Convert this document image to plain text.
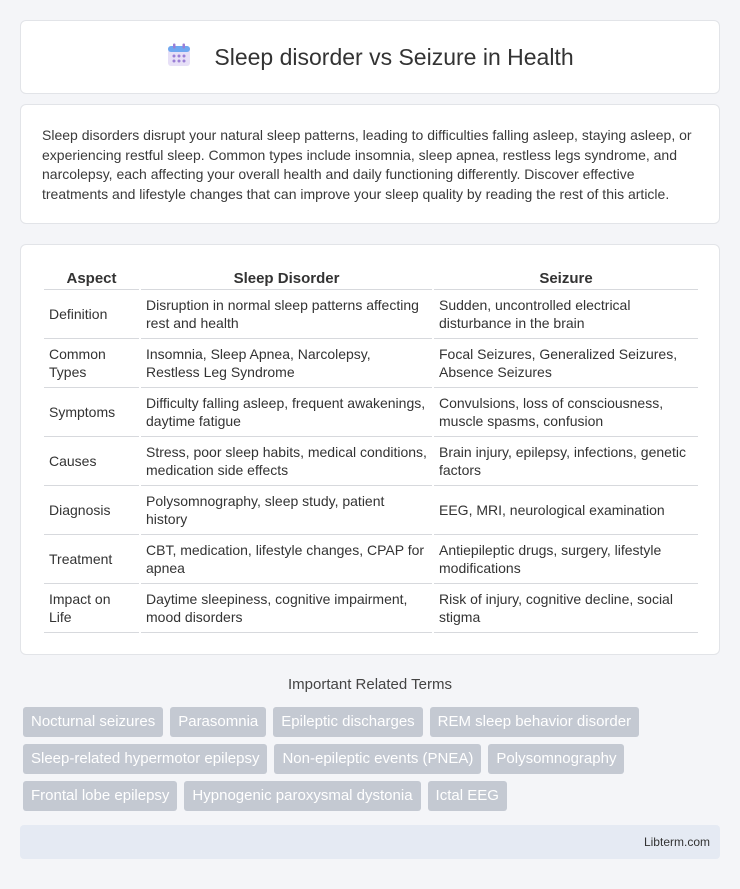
Sleep disorder vs Seizure in Health

Sleep disorders disrupt your natural sleep patterns, leading to difficulties falling asleep, staying asleep, or experiencing restful sleep. Common types include insomnia, sleep apnea, restless legs syndrome, and narcolepsy, each affecting your overall health and daily functioning differently. Discover effective treatments and lifestyle changes that can improve your sleep quality by reading the rest of this article.

Aspect	Sleep Disorder	Seizure
Definition	Disruption in normal sleep patterns affecting rest and health	Sudden, uncontrolled electrical disturbance in the brain
Common Types	Insomnia, Sleep Apnea, Narcolepsy, Restless Leg Syndrome	Focal Seizures, Generalized Seizures, Absence Seizures
Symptoms	Difficulty falling asleep, frequent awakenings, daytime fatigue	Convulsions, loss of consciousness, muscle spasms, confusion
Causes	Stress, poor sleep habits, medical conditions, medication side effects	Brain injury, epilepsy, infections, genetic factors
Diagnosis	Polysomnography, sleep study, patient history	EEG, MRI, neurological examination
Treatment	CBT, medication, lifestyle changes, CPAP for apnea	Antiepileptic drugs, surgery, lifestyle modifications
Impact on Life	Daytime sleepiness, cognitive impairment, mood disorders	Risk of injury, cognitive decline, social stigma
Important Related Terms
Nocturnal seizures	Parasomnia	Epileptic discharges	REM sleep behavior disorder
Sleep-related hypermotor epilepsy	Non-epileptic events (PNEA)	Polysomnography
Frontal lobe epilepsy	Hypnogenic paroxysmal dystonia	Ictal EEG
Libterm.com
